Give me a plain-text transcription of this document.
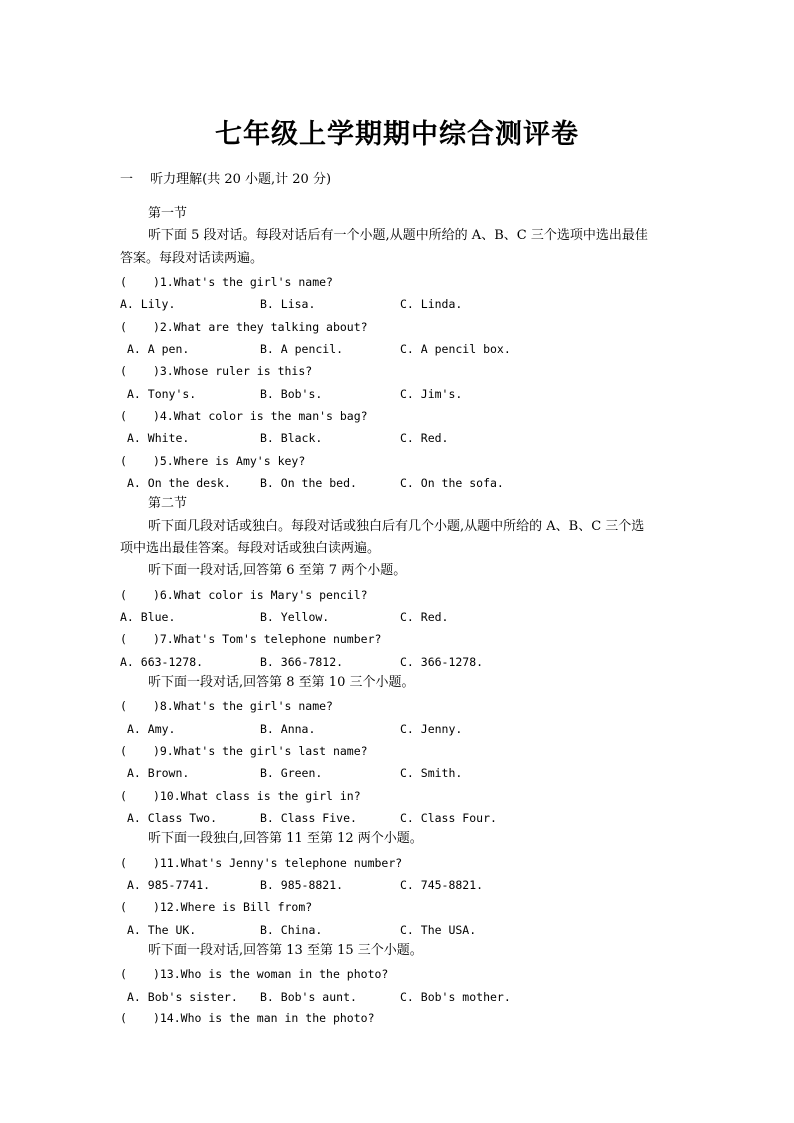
七年级上学期期中综合测评卷
一　 听力理解(共 20 小题,计 20 分)
第一节
听下面 5 段对话。每段对话后有一个小题,从题中所给的 A、B、C 三个选项中选出最佳
答案。每段对话读两遍。
( )1.What's the girl's name?
A. Lily.	B. Lisa.	C. Linda.
( )2.What are they talking about?
A. A pen.	B. A pencil.	C. A pencil box.
( )3.Whose ruler is this?
A. Tony's.	B. Bob's.	C. Jim's.
( )4.What color is the man's bag?
A. White.	B. Black.	C. Red.
( )5.Where is Amy's key?
A. On the desk.	B. On the bed.	C. On the sofa.
第二节
听下面几段对话或独白。每段对话或独白后有几个小题,从题中所给的 A、B、C 三个选
项中选出最佳答案。每段对话或独白读两遍。
听下面一段对话,回答第 6 至第 7 两个小题。
( )6.What color is Mary's pencil?
A. Blue.	B. Yellow.	C. Red.
( )7.What's Tom's telephone number?
A. 663-1278.	B. 366-7812.	C. 366-1278.
听下面一段对话,回答第 8 至第 10 三个小题。
( )8.What's the girl's name?
A. Amy.	B. Anna.	C. Jenny.
( )9.What's the girl's last name?
A. Brown.	B. Green.	C. Smith.
( )10.What class is the girl in?
A. Class Two.	B. Class Five.	C. Class Four.
听下面一段独白,回答第 11 至第 12 两个小题。
( )11.What's Jenny's telephone number?
A. 985-7741.	B. 985-8821.	C. 745-8821.
( )12.Where is Bill from?
A. The UK.	B. China.	C. The USA.
听下面一段对话,回答第 13 至第 15 三个小题。
( )13.Who is the woman in the photo?
A. Bob's sister. B. Bob's aunt.	C. Bob's mother.
( )14.Who is the man in the photo?
